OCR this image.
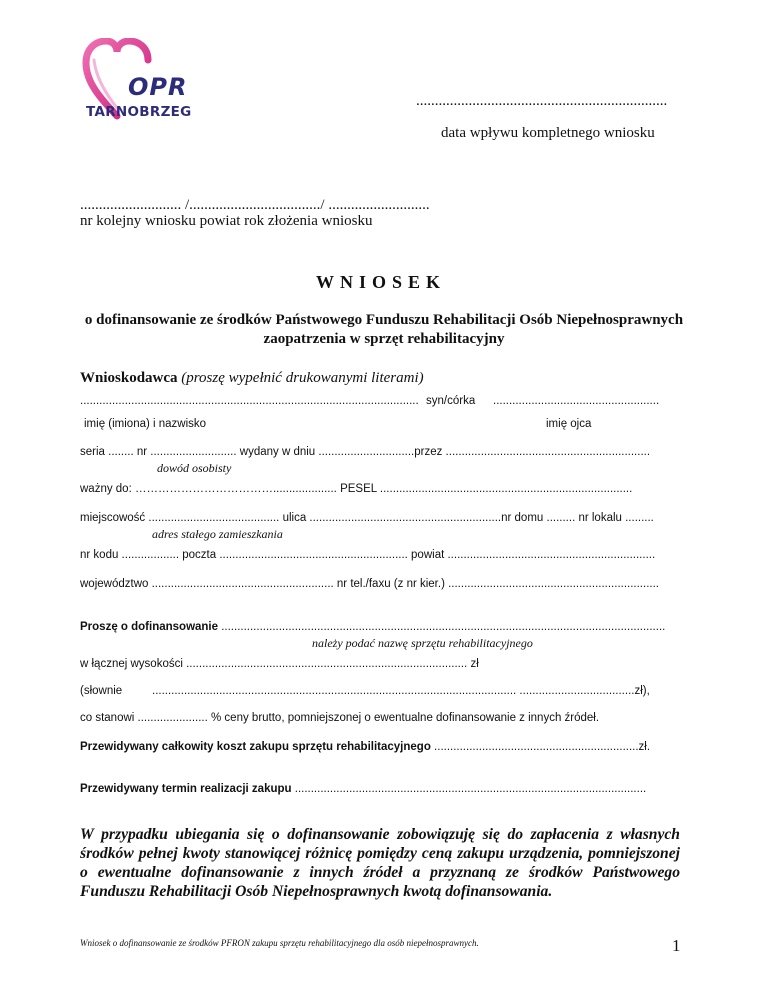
OPR
TARNOBRZEG
...................................................................
data wpływu kompletnego wniosku
........................... /.................................../ ...........................
nr kolejny wniosku powiat rok złożenia wniosku
WNIOSEK
o dofinansowanie ze środków Państwowego Funduszu Rehabilitacji Osób Niepełnosprawnych zaopatrzenia w sprzęt rehabilitacyjny
Wnioskodawca (proszę wypełnić drukowanymi literami)
.......................................................................................................... syn/córka ....................................................
imię (imiona) i nazwisko	imię ojca
seria ........ nr ........................... wydany w dniu ..............................przez ................................................................
dowód osobisty
ważny do: ……………………………….................... PESEL ...............................................................................
miejscowość ......................................... ulica ............................................................nr domu ......... nr lokalu .........
adres stałego zamieszkania
nr kodu .................. poczta ........................................................... powiat .................................................................
województwo ......................................................... nr tel./faxu (z nr kier.) ..................................................................
Proszę o dofinansowanie ...........................................................................................................................................
należy podać nazwę sprzętu rehabilitacyjnego
w łącznej wysokości ........................................................................................ zł
(słownie	.................................................................................................................. ....................................zł),
co stanowi ...................... % ceny brutto, pomniejszonej o ewentualne dofinansowanie z innych źródeł.
Przewidywany całkowity koszt zakupu sprzętu rehabilitacyjnego ................................................................zł.
Przewidywany termin realizacji zakupu ..............................................................................................................
W przypadku ubiegania się o dofinansowanie zobowiązuję się do zapłacenia z własnych środków pełnej kwoty stanowiącej różnicę pomiędzy ceną zakupu urządzenia, pomniejszonej o ewentualne dofinansowanie z innych źródeł a przyznaną ze środków Państwowego Funduszu Rehabilitacji Osób Niepełnosprawnych kwotą dofinansowania.
Wniosek o dofinansowanie ze środków PFRON zakupu sprzętu rehabilitacyjnego dla osób niepełnosprawnych.	1
